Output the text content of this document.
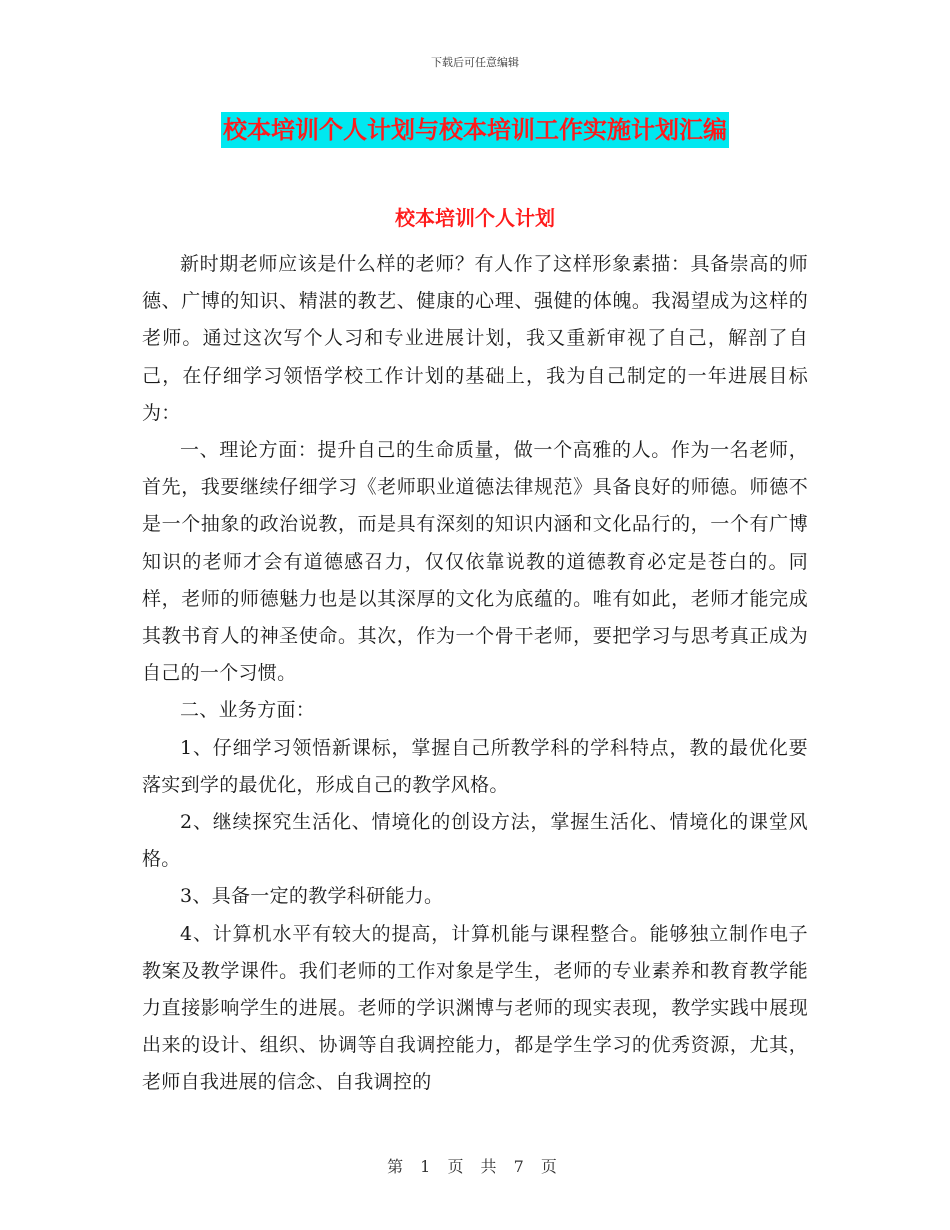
下载后可任意编辑
校本培训个人计划与校本培训工作实施计划汇编
校本培训个人计划

新时期老师应该是什么样的老师？有人作了这样形象素描：具备崇高的师德、广博的知识、精湛的教艺、健康的心理、强健的体魄。我渴望成为这样的老师。通过这次写个人习和专业进展计划，我又重新审视了自己，解剖了自己，在仔细学习领悟学校工作计划的基础上，我为自己制定的一年进展目标为：

一、理论方面：提升自己的生命质量，做一个高雅的人。作为一名老师，首先，我要继续仔细学习《老师职业道德法律规范》具备良好的师德。师德不是一个抽象的政治说教，而是具有深刻的知识内涵和文化品行的，一个有广博知识的老师才会有道德感召力，仅仅依靠说教的道德教育必定是苍白的。同样，老师的师德魅力也是以其深厚的文化为底蕴的。唯有如此，老师才能完成其教书育人的神圣使命。其次，作为一个骨干老师，要把学习与思考真正成为自己的一个习惯。

二、业务方面：

1、仔细学习领悟新课标，掌握自己所教学科的学科特点，教的最优化要落实到学的最优化，形成自己的教学风格。

2、继续探究生活化、情境化的创设方法，掌握生活化、情境化的课堂风格。

3、具备一定的教学科研能力。

4、计算机水平有较大的提高，计算机能与课程整合。能够独立制作电子教案及教学课件。我们老师的工作对象是学生，老师的专业素养和教育教学能力直接影响学生的进展。老师的学识渊博与老师的现实表现，教学实践中展现出来的设计、组织、协调等自我调控能力，都是学生学习的优秀资源，尤其，老师自我进展的信念、自我调控的

第 1 页 共 7 页
